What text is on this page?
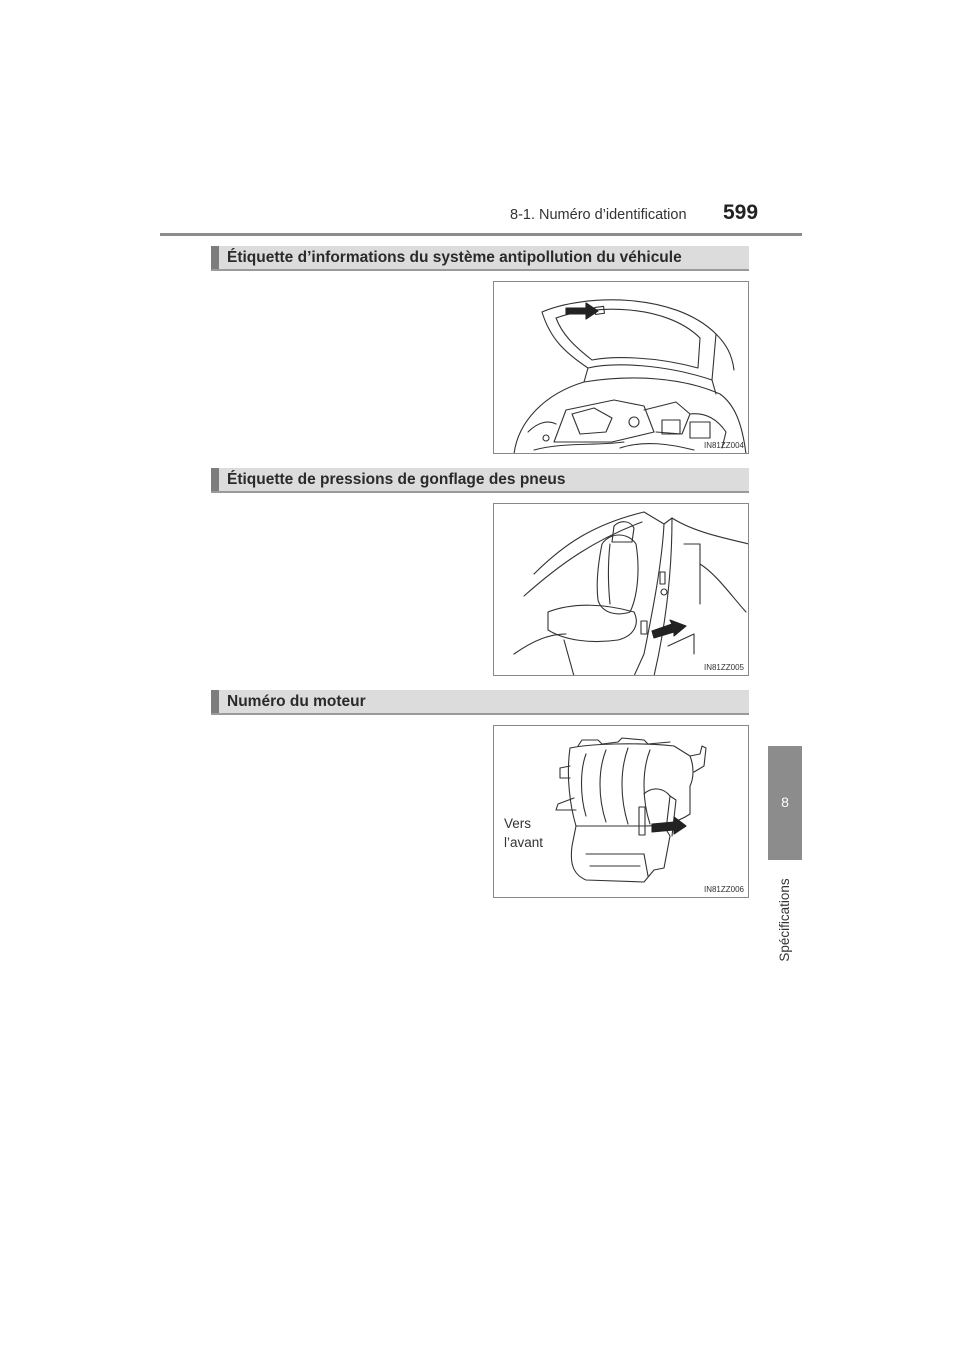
8-1. Numéro d’identification 599
8
Spécifications
Étiquette d’informations du système antipollution du véhicule
IN81ZZ004
Étiquette de pressions de gonflage des pneus
IN81ZZ005
Numéro du moteur
Vers
l’avant
IN81ZZ006
